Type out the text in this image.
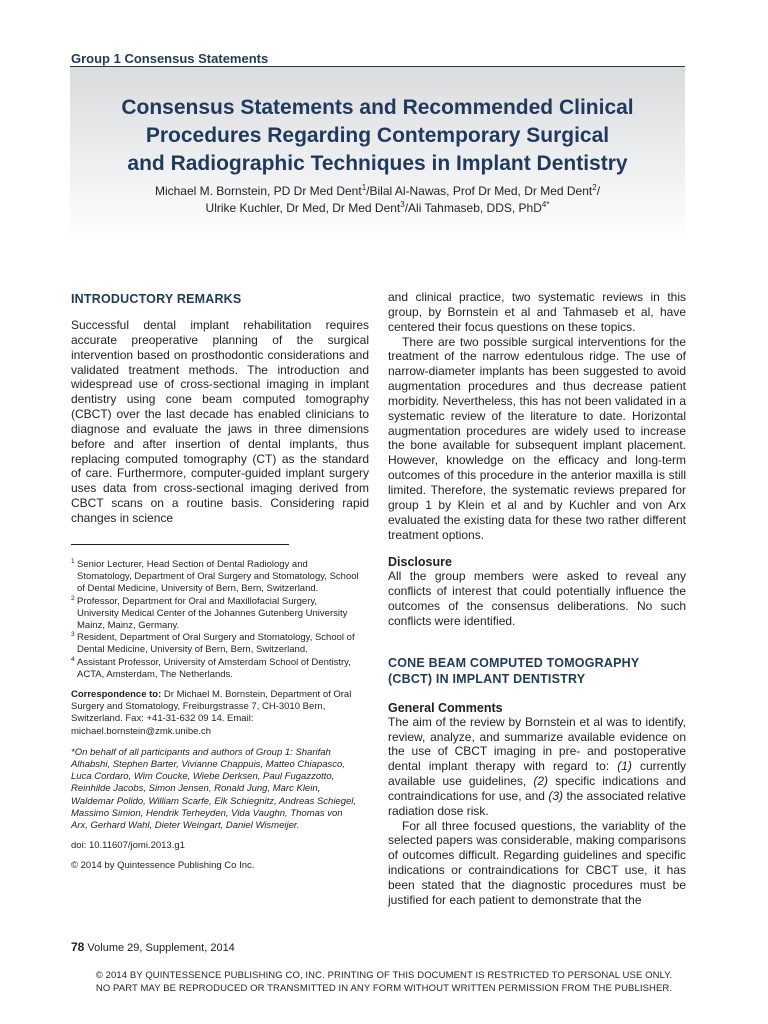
Group 1 Consensus Statements
Consensus Statements and Recommended Clinical
Procedures Regarding Contemporary Surgical
and Radiographic Techniques in Implant Dentistry
Michael M. Bornstein, PD Dr Med Dent$^1$/Bilal Al-Nawas, Prof Dr Med, Dr Med Dent$^2$/
Ulrike Kuchler, Dr Med, Dr Med Dent$^3$/Ali Tahmaseb, DDS, PhD$^{4*}$
INTRODUCTORY REMARKS

Successful dental implant rehabilitation requires accurate preoperative planning of the surgical intervention based on prosthodontic considerations and validated treatment methods. The introduction and widespread use of cross-sectional imaging in implant dentistry using cone beam computed tomography (CBCT) over the last decade has enabled clinicians to diagnose and evaluate the jaws in three dimensions before and after insertion of dental implants, thus replacing computed tomography (CT) as the standard of care. Furthermore, computer-guided implant surgery uses data from cross-sectional imaging derived from CBCT scans on a routine basis. Considering rapid changes in science

1 Senior Lecturer, Head Section of Dental Radiology and Stomatology, Department of Oral Surgery and Stomatology, School of Dental Medicine, University of Bern, Bern, Switzerland.

2 Professor, Department for Oral and Maxillofacial Surgery, University Medical Center of the Johannes Gutenberg University Mainz, Mainz, Germany.

3 Resident, Department of Oral Surgery and Stomatology, School of Dental Medicine, University of Bern, Bern, Switzerland.

4 Assistant Professor, University of Amsterdam School of Dentistry, ACTA, Amsterdam, The Netherlands.

Correspondence to: Dr Michael M. Bornstein, Department of Oral Surgery and Stomatology, Freiburgstrasse 7, CH-3010 Bern, Switzerland. Fax: +41-31-632 09 14. Email: michael.bornstein@zmk.unibe.ch

*On behalf of all participants and authors of Group 1: Sharifah Alhabshi, Stephen Barter, Vivianne Chappuis, Matteo Chiapasco, Luca Cordaro, Wim Coucke, Wiebe Derksen, Paul Fugazzotto, Reinhilde Jacobs, Simon Jensen, Ronald Jung, Marc Klein, Waldemar Polido, William Scarfe, Elk Schiegnitz, Andreas Schiegel, Massimo Simion, Hendrik Terheyden, Vida Vaughn, Thomas von Arx, Gerhard Wahl, Dieter Weingart, Daniel Wismeijer.

doi: 10.11607/jomi.2013.g1

© 2014 by Quintessence Publishing Co Inc.

and clinical practice, two systematic reviews in this group, by Bornstein et al and Tahmaseb et al, have centered their focus questions on these topics.

There are two possible surgical interventions for the treatment of the narrow edentulous ridge. The use of narrow-diameter implants has been suggested to avoid augmentation procedures and thus decrease patient morbidity. Nevertheless, this has not been validated in a systematic review of the literature to date. Horizontal augmentation procedures are widely used to increase the bone available for subsequent implant placement. However, knowledge on the efficacy and long-term outcomes of this procedure in the anterior maxilla is still limited. Therefore, the systematic reviews prepared for group 1 by Klein et al and by Kuchler and von Arx evaluated the existing data for these two rather different treatment options.

Disclosure

All the group members were asked to reveal any conflicts of interest that could potentially influence the outcomes of the consensus deliberations. No such conflicts were identified.

CONE BEAM COMPUTED TOMOGRAPHY
(CBCT) IN IMPLANT DENTISTRY
General Comments

The aim of the review by Bornstein et al was to identify, review, analyze, and summarize available evidence on the use of CBCT imaging in pre- and postoperative dental implant therapy with regard to: (1) currently available use guidelines, (2) specific indications and contraindications for use, and (3) the associated relative radiation dose risk.

For all three focused questions, the variablity of the selected papers was considerable, making comparisons of outcomes difficult. Regarding guidelines and specific indications or contraindications for CBCT use, it has been stated that the diagnostic procedures must be justified for each patient to demonstrate that the

78 Volume 29, Supplement, 2014
© 2014 BY QUINTESSENCE PUBLISHING CO, INC. PRINTING OF THIS DOCUMENT IS RESTRICTED TO PERSONAL USE ONLY.
NO PART MAY BE REPRODUCED OR TRANSMITTED IN ANY FORM WITHOUT WRITTEN PERMISSION FROM THE PUBLISHER.
